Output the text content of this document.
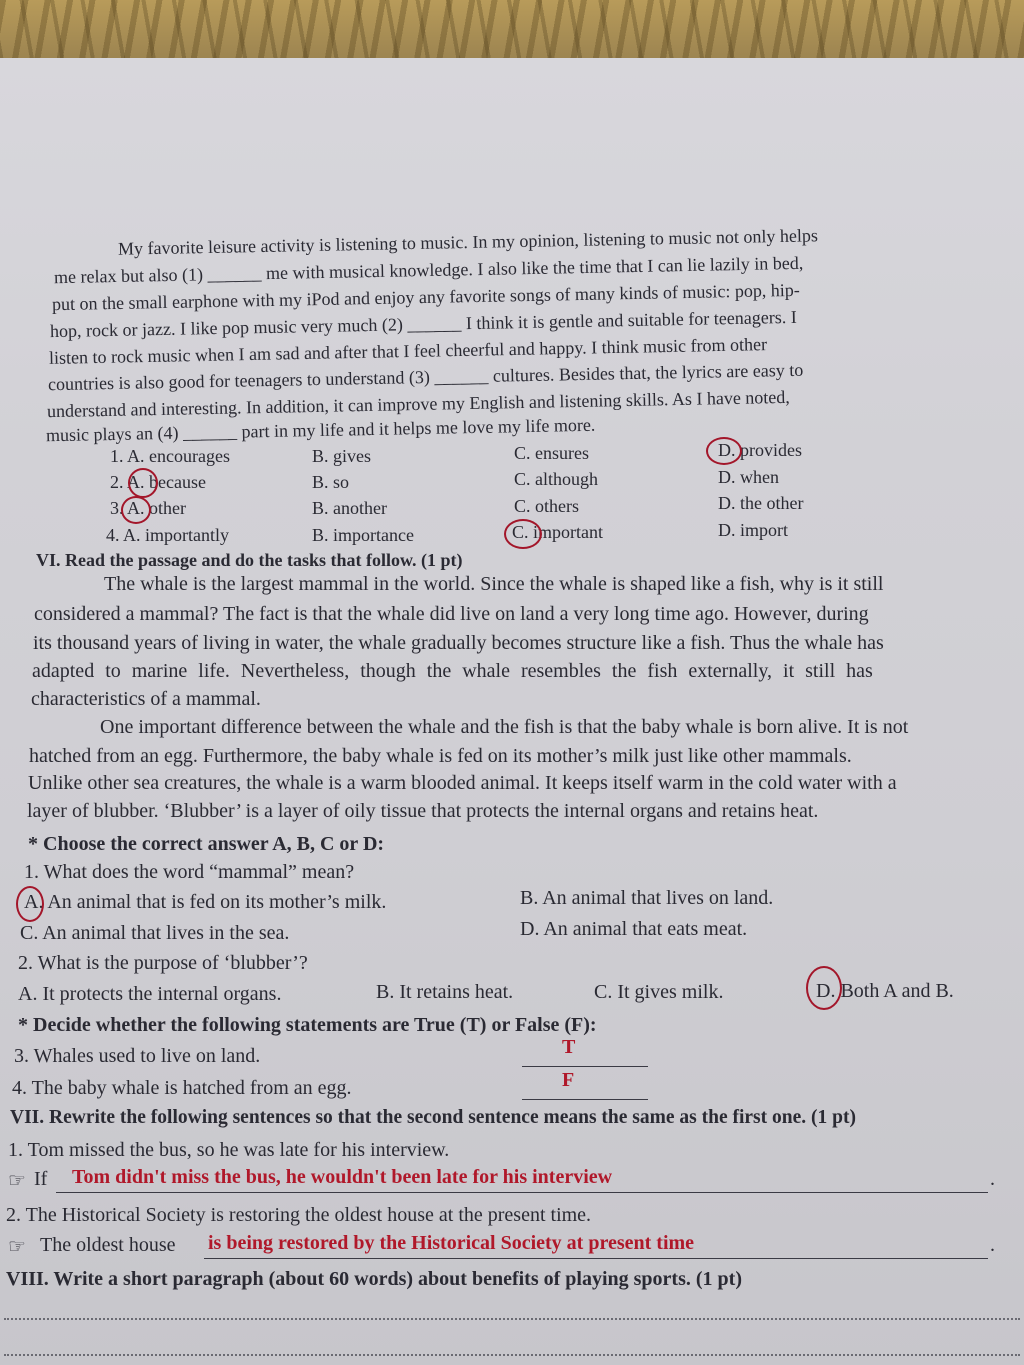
My favorite leisure activity is listening to music. In my opinion, listening to music not only helps
me relax but also (1) ______ me with musical knowledge. I also like the time that I can lie lazily in bed,
put on the small earphone with my iPod and enjoy any favorite songs of many kinds of music: pop, hip-
hop, rock or jazz. I like pop music very much (2) ______ I think it is gentle and suitable for teenagers. I
listen to rock music when I am sad and after that I feel cheerful and happy. I think music from other
countries is also good for teenagers to understand (3) ______ cultures. Besides that, the lyrics are easy to
understand and interesting. In addition, it can improve my English and listening skills. As I have noted,
music plays an (4) ______ part in my life and it helps me love my life more.
1. A. encourages	B. gives	C. ensures	D. provides
2. A. because	B. so	C. although	D. when
3. A. other	B. another	C. others	D. the other
4. A. importantly	B. importance	C. important	D. import
VI. Read the passage and do the tasks that follow. (1 pt)
The whale is the largest mammal in the world. Since the whale is shaped like a fish, why is it still
considered a mammal? The fact is that the whale did live on land a very long time ago. However, during
its thousand years of living in water, the whale gradually becomes structure like a fish. Thus the whale has
adapted to marine life. Nevertheless, though the whale resembles the fish externally, it still has
characteristics of a mammal.
One important difference between the whale and the fish is that the baby whale is born alive. It is not
hatched from an egg. Furthermore, the baby whale is fed on its mother’s milk just like other mammals.
Unlike other sea creatures, the whale is a warm blooded animal. It keeps itself warm in the cold water with a
layer of blubber. ‘Blubber’ is a layer of oily tissue that protects the internal organs and retains heat.
* Choose the correct answer A, B, C or D:
1. What does the word “mammal” mean?
A. An animal that is fed on its mother’s milk.	B. An animal that lives on land.
C. An animal that lives in the sea.	D. An animal that eats meat.
2. What is the purpose of ‘blubber’?
A. It protects the internal organs.	B. It retains heat.	C. It gives milk.	D. Both A and B.
* Decide whether the following statements are True (T) or False (F):
3. Whales used to live on land.	T
4. The baby whale is hatched from an egg.	F
VII. Rewrite the following sentences so that the second sentence means the same as the first one. (1 pt)
1. Tom missed the bus, so he was late for his interview.
☞ If Tom didn't miss the bus, he wouldn't been late for his interview	.
2. The Historical Society is restoring the oldest house at the present time.
☞ The oldest house is being restored by the Historical Society at present time	.
VIII. Write a short paragraph (about 60 words) about benefits of playing sports. (1 pt)
